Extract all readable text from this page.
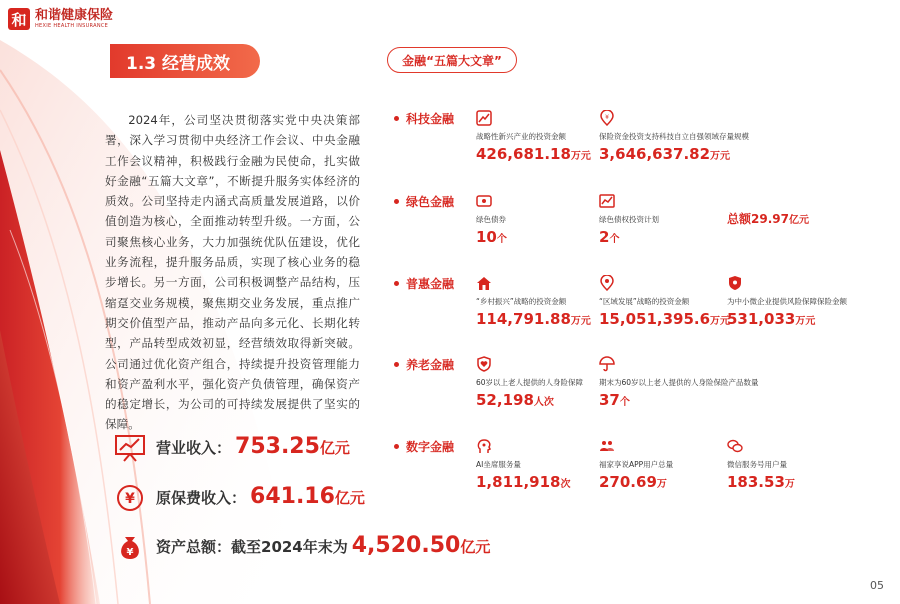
和 和谐健康保险
HEXIE HEALTH INSURANCE
1.3 经营成效

2024年，公司坚决贯彻落实党中央决策部署，深入学习贯彻中央经济工作会议、中央金融工作会议精神，积极践行金融为民使命，扎实做好金融“五篇大文章”，不断提升服务实体经济的质效。公司坚持走内涵式高质量发展道路，以价值创造为核心，全面推动转型升级。一方面，公司聚焦核心业务，大力加强统优队伍建设，优化业务流程，提升服务品质，实现了核心业务的稳步增长。另一方面，公司积极调整产品结构，压缩趸交业务规模，聚焦期交业务发展，重点推广期交价值型产品，推动产品向多元化、长期化转型，产品转型成效初显，经营绩效取得新突破。公司通过优化资产组合，持续提升投资管理能力和资产盈利水平，强化资产负债管理，确保资产的稳定增长，为公司的可持续发展提供了坚实的保障。

营业收入： 753.25 亿元
¥ 原保费收入： 641.16 亿元
¥ 资产总额：截至2024年末为 4,520.50 亿元
金融“五篇大文章”
科技金融
绿色金融
普惠金融
养老金融
数字金融
战略性新兴产业的投资金额
426,681.18万元
¥
保险资金投资支持科技自立自强领域存量规模
3,646,637.82万元
绿色债券
10个
绿色债权投资计划
2个
总额29.97亿元
“乡村振兴”战略的投资金额
114,791.88万元
“区域发展”战略的投资金额
15,051,395.6万元
为中小微企业提供风险保障保险金额
531,033万元
60岁以上老人提供的人身险保障
52,198人次
期末为60岁以上老人提供的人身险保险产品数量
37个
AI坐席服务量
1,811,918次
福家享说APP用户总量
270.69万
微信服务号用户量
183.53万
05
